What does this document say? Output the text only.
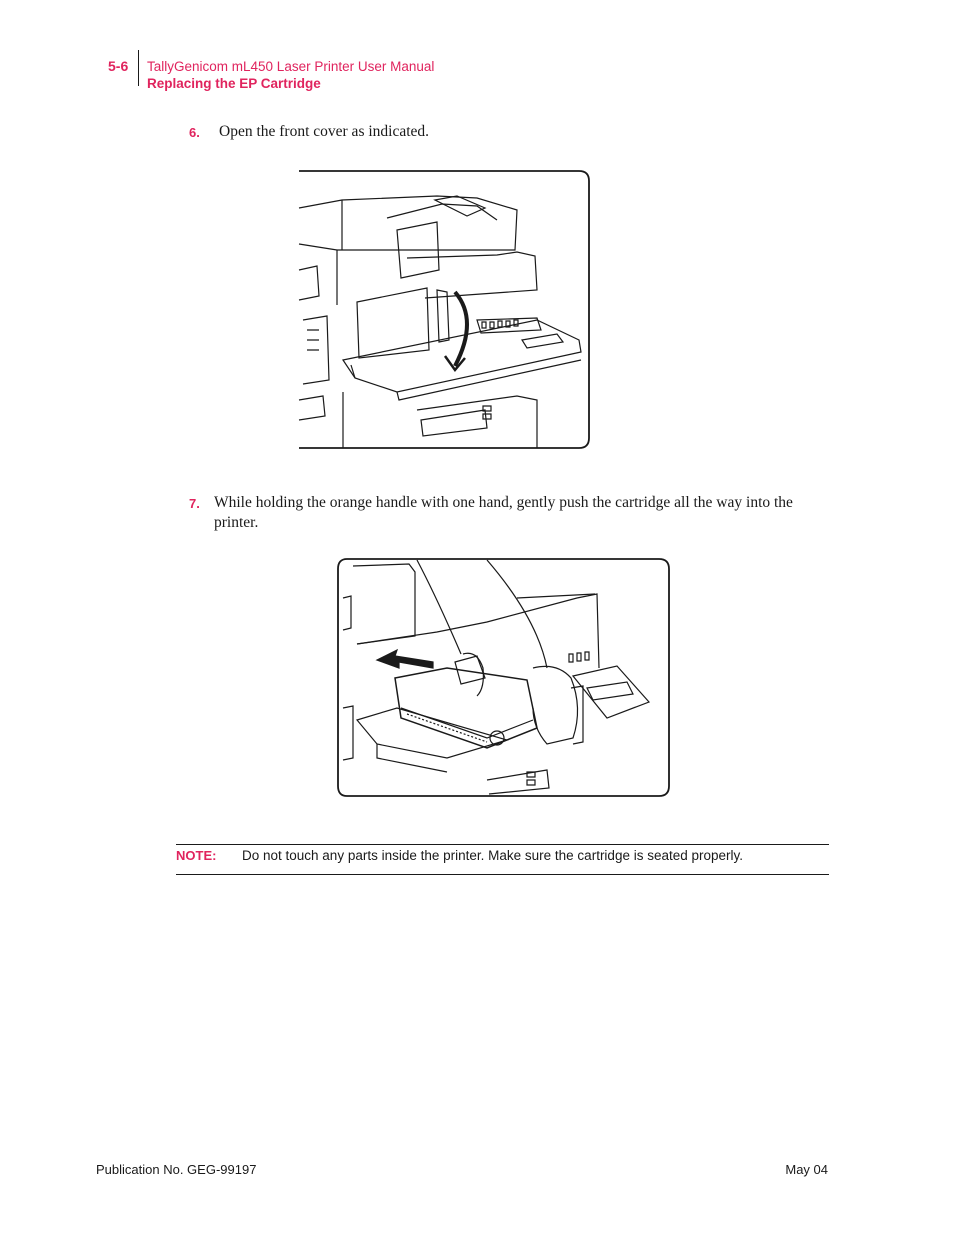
5-6 TallyGenicom mL450 Laser Printer User Manual
Replacing the EP Cartridge
6. Open the front cover as indicated.
7. While holding the orange handle with one hand, gently push the cartridge all the way into the
printer.
NOTE: Do not touch any parts inside the printer. Make sure the cartridge is seated properly.
Publication No. GEG-99197	May 04
